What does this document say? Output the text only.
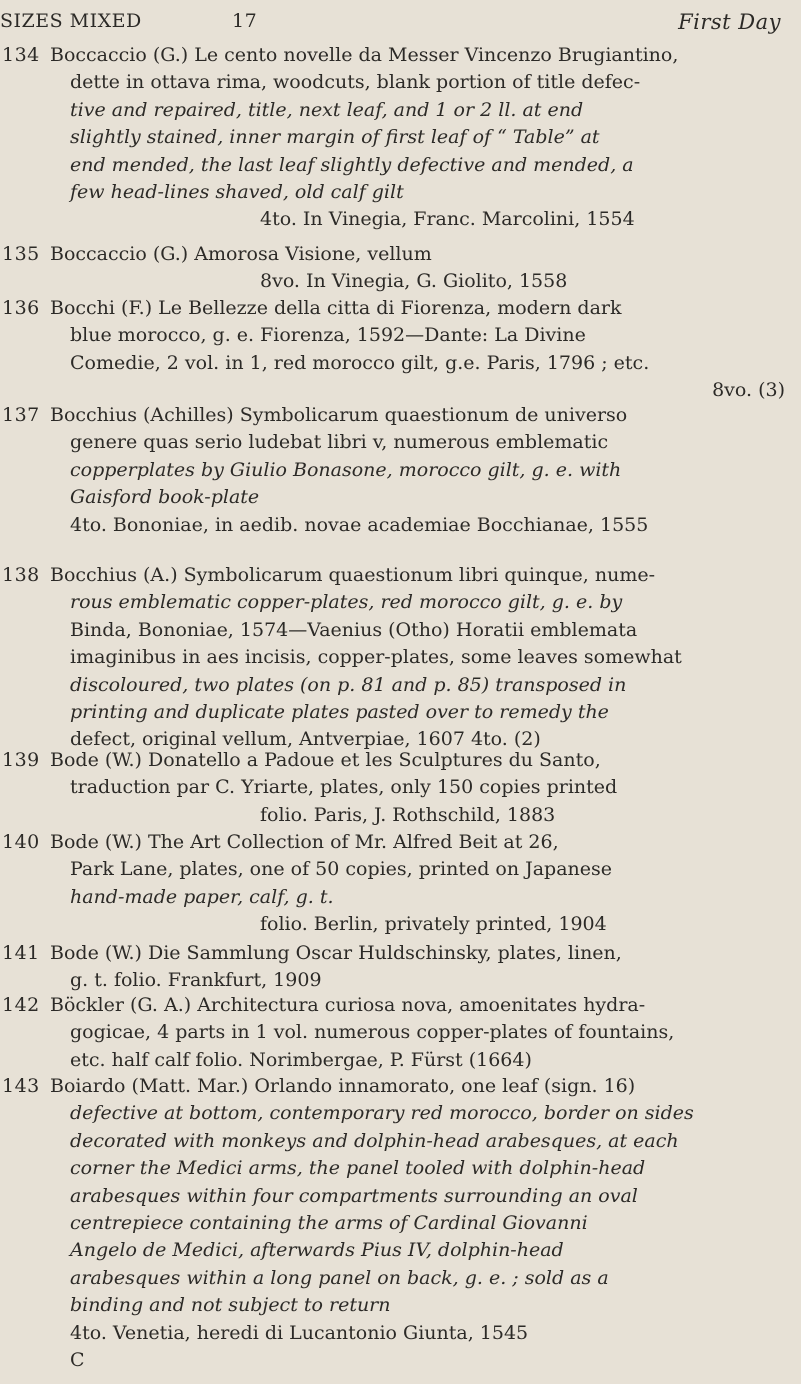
SIZES MIXED	17	First Day
134 Boccaccio (G.) Le cento novelle da Messer Vincenzo Brugiantino,
dette in ottava rima, woodcuts, blank portion of title defec-
tive and repaired, title, next leaf, and 1 or 2 ll. at end
slightly stained, inner margin of first leaf of “ Table” at
end mended, the last leaf slightly defective and mended, a
few head-lines shaved, old calf gilt
4to. In Vinegia, Franc. Marcolini, 1554
135 Boccaccio (G.) Amorosa Visione, vellum
8vo. In Vinegia, G. Giolito, 1558
136 Bocchi (F.) Le Bellezze della citta di Fiorenza, modern dark
blue morocco, g. e. Fiorenza, 1592—Dante: La Divine
Comedie, 2 vol. in 1, red morocco gilt, g.e. Paris, 1796 ; etc.
8vo. (3)
137 Bocchius (Achilles) Symbolicarum quaestionum de universo
genere quas serio ludebat libri v, numerous emblematic
copperplates by Giulio Bonasone, morocco gilt, g. e. with
Gaisford book-plate
4to. Bononiae, in aedib. novae academiae Bocchianae, 1555
138 Bocchius (A.) Symbolicarum quaestionum libri quinque, nume-
rous emblematic copper-plates, red morocco gilt, g. e. by
Binda, Bononiae, 1574—Vaenius (Otho) Horatii emblemata
imaginibus in aes incisis, copper-plates, some leaves somewhat
discoloured, two plates (on p. 81 and p. 85) transposed in
printing and duplicate plates pasted over to remedy the
defect, original vellum, Antverpiae, 1607 4to. (2)
139 Bode (W.) Donatello a Padoue et les Sculptures du Santo,
traduction par C. Yriarte, plates, only 150 copies printed
folio. Paris, J. Rothschild, 1883
140 Bode (W.) The Art Collection of Mr. Alfred Beit at 26,
Park Lane, plates, one of 50 copies, printed on Japanese
hand-made paper, calf, g. t.
folio. Berlin, privately printed, 1904
141 Bode (W.) Die Sammlung Oscar Huldschinsky, plates, linen,
g. t. folio. Frankfurt, 1909
142 Böckler (G. A.) Architectura curiosa nova, amoenitates hydra-
gogicae, 4 parts in 1 vol. numerous copper-plates of fountains,
etc. half calf folio. Norimbergae, P. Fürst (1664)
143 Boiardo (Matt. Mar.) Orlando innamorato, one leaf (sign. 16)
defective at bottom, contemporary red morocco, border on sides
decorated with monkeys and dolphin-head arabesques, at each
corner the Medici arms, the panel tooled with dolphin-head
arabesques within four compartments surrounding an oval
centrepiece containing the arms of Cardinal Giovanni
Angelo de Medici, afterwards Pius IV, dolphin-head
arabesques within a long panel on back, g. e. ; sold as a
binding and not subject to return
4to. Venetia, heredi di Lucantonio Giunta, 1545
C
